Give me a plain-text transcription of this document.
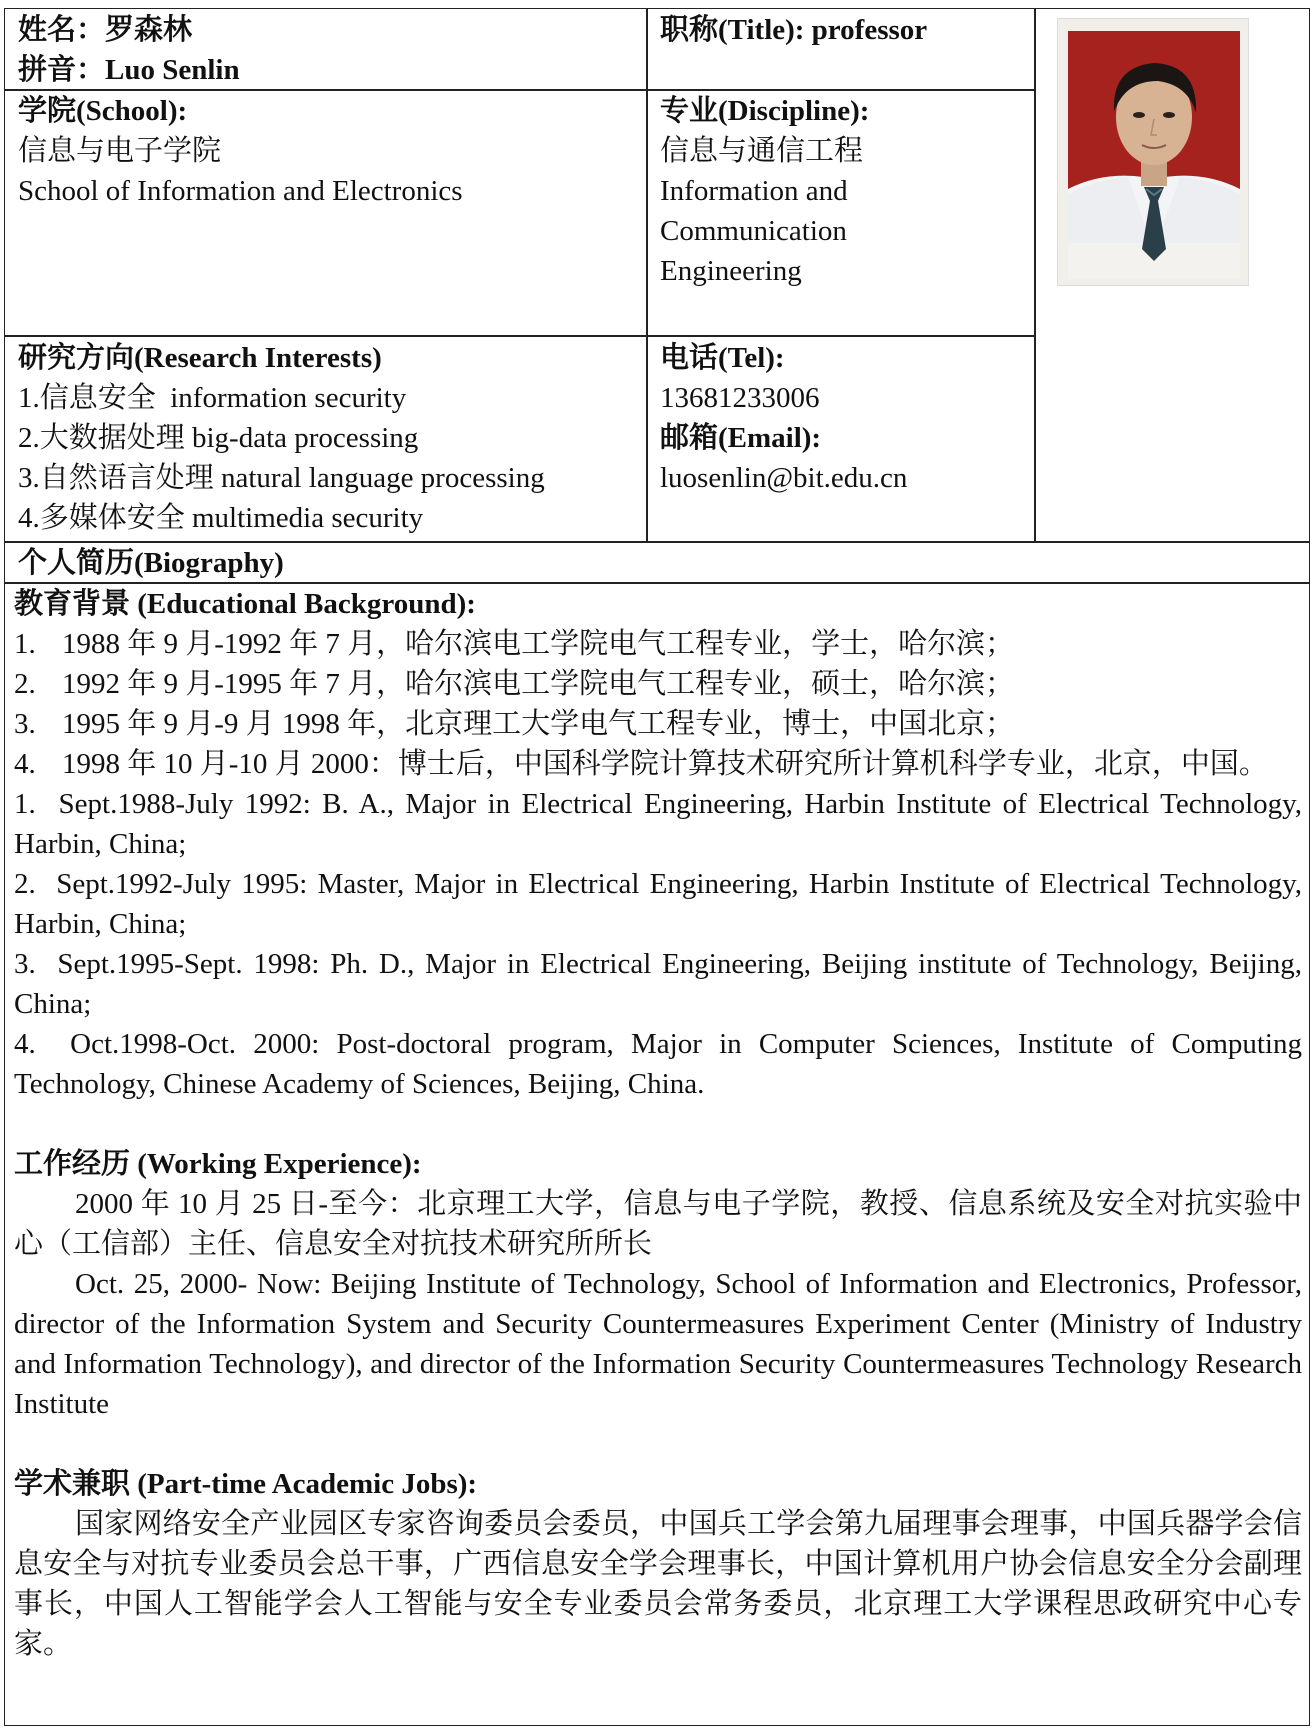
姓名：罗森林
拼音：Luo Senlin
职称(Title): professor
学院(School):
信息与电子学院
School of Information and Electronics
专业(Discipline):
信息与通信工程
Information and
Communication
Engineering
研究方向(Research Interests)
1.信息安全  information security
2.大数据处理 big-data processing
3.自然语言处理 natural language processing
4.多媒体安全 multimedia security
电话(Tel):
13681233006
邮箱(Email):
luosenlin@bit.edu.cn
个人简历(Biography)
教育背景 (Educational Background):
1. 1988 年 9 月-1992 年 7 月，哈尔滨电工学院电气工程专业，学士，哈尔滨；
2. 1992 年 9 月-1995 年 7 月，哈尔滨电工学院电气工程专业，硕士，哈尔滨；
3. 1995 年 9 月-9 月 1998 年，北京理工大学电气工程专业，博士，中国北京；
4. 1998 年 10 月-10 月 2000：博士后，中国科学院计算技术研究所计算机科学专业，北京，中国。
1.  Sept.1988-July 1992: B. A., Major in Electrical Engineering, Harbin Institute of Electrical Technology, Harbin, China;
2.  Sept.1992-July 1995: Master, Major in Electrical Engineering, Harbin Institute of Electrical Technology, Harbin, China;
3.  Sept.1995-Sept. 1998: Ph. D., Major in Electrical Engineering, Beijing institute of Technology, Beijing, China;
4.  Oct.1998-Oct. 2000: Post-doctoral program, Major in Computer Sciences, Institute of Computing Technology, Chinese Academy of Sciences, Beijing, China.
工作经历 (Working Experience):
2000 年 10 月 25 日-至今：北京理工大学，信息与电子学院，教授、信息系统及安全对抗实验中心（工信部）主任、信息安全对抗技术研究所所长
Oct. 25, 2000- Now: Beijing Institute of Technology, School of Information and Electronics, Professor, director of the Information System and Security Countermeasures Experiment Center (Ministry of Industry and Information Technology), and director of the Information Security Countermeasures Technology Research Institute
学术兼职 (Part-time Academic Jobs):
国家网络安全产业园区专家咨询委员会委员，中国兵工学会第九届理事会理事，中国兵器学会信息安全与对抗专业委员会总干事，广西信息安全学会理事长，中国计算机用户协会信息安全分会副理事长，中国人工智能学会人工智能与安全专业委员会常务委员，北京理工大学课程思政研究中心专家。
